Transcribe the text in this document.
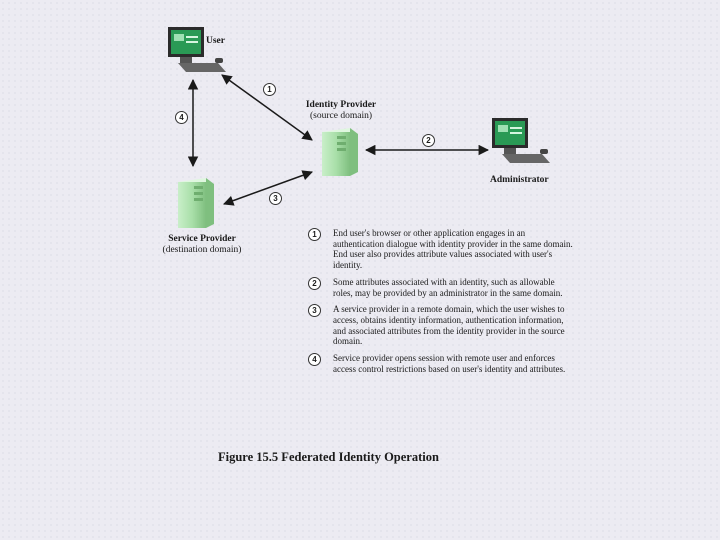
User
Identity Provider
(source domain)
Administrator
Service Provider
(destination domain)
1
2
3
4
1	End user's browser or other application engages in an authentication dialogue with identity provider in the same domain. End user also provides attribute values associated with user's identity.
2	Some attributes associated with an identity, such as allowable roles, may be provided by an administrator in the same domain.
3	A service provider in a remote domain, which the user wishes to access, obtains identity information, authentication information, and associated attributes from the identity provider in the source domain.
4	Service provider opens session with remote user and enforces access control restrictions based on user's identity and attributes.
Figure 15.5 Federated Identity Operation
